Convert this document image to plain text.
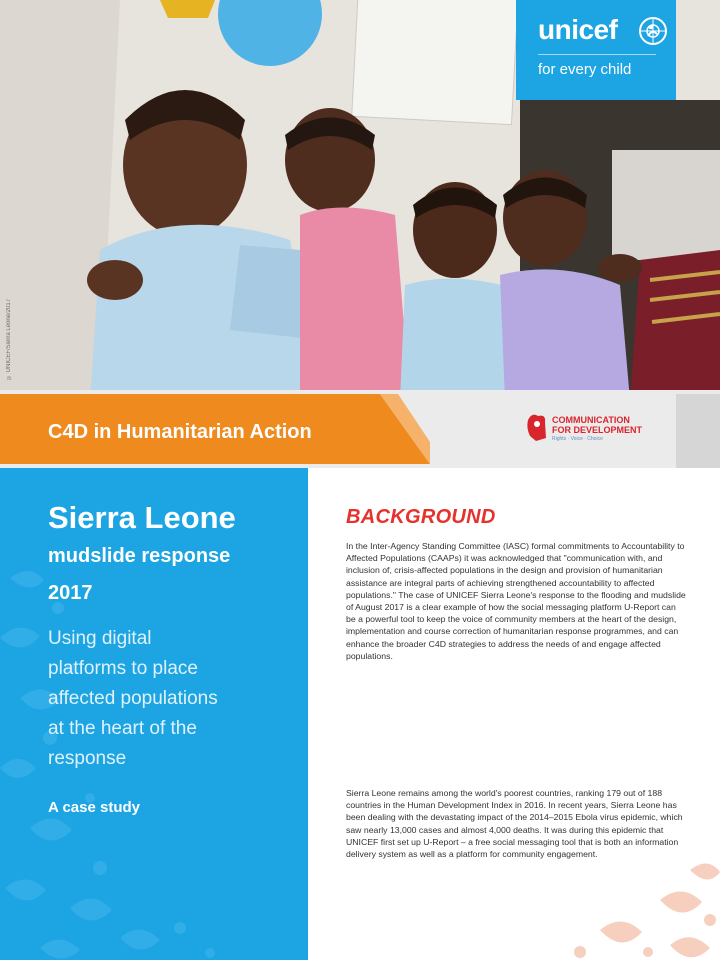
© UNICEF/Sierra Leone/2017
unicef
for every child
C4D in Humanitarian Action
COMMUNICATION
FOR DEVELOPMENT
Rights · Voice · Choice
Sierra Leone
mudslide response
2017
Using digital
platforms to place
affected populations
at the heart of the
response
A case study
BACKGROUND
In the Inter-Agency Standing Committee (IASC) formal commitments to Accountability to Affected Populations (CAAPs) it was acknowledged that "communication with, and inclusion of, crisis-affected populations in the design and provision of humanitarian assistance are integral parts of achieving strengthened accountability to affected populations." The case of UNICEF Sierra Leone's response to the flooding and mudslide of August 2017 is a clear example of how the social messaging platform U-Report can be a powerful tool to keep the voice of community members at the heart of the design, implementation and course correction of humanitarian response programmes, and can enhance the broader C4D strategies to address the needs of and engage affected populations.
Sierra Leone remains among the world's poorest countries, ranking 179 out of 188 countries in the Human Development Index in 2016. In recent years, Sierra Leone has been dealing with the devastating impact of the 2014–2015 Ebola virus epidemic, which saw nearly 13,000 cases and almost 4,000 deaths. It was during this epidemic that UNICEF first set up U-Report – a free social messaging tool that is both an information delivery system as well as a platform for community engagement.
